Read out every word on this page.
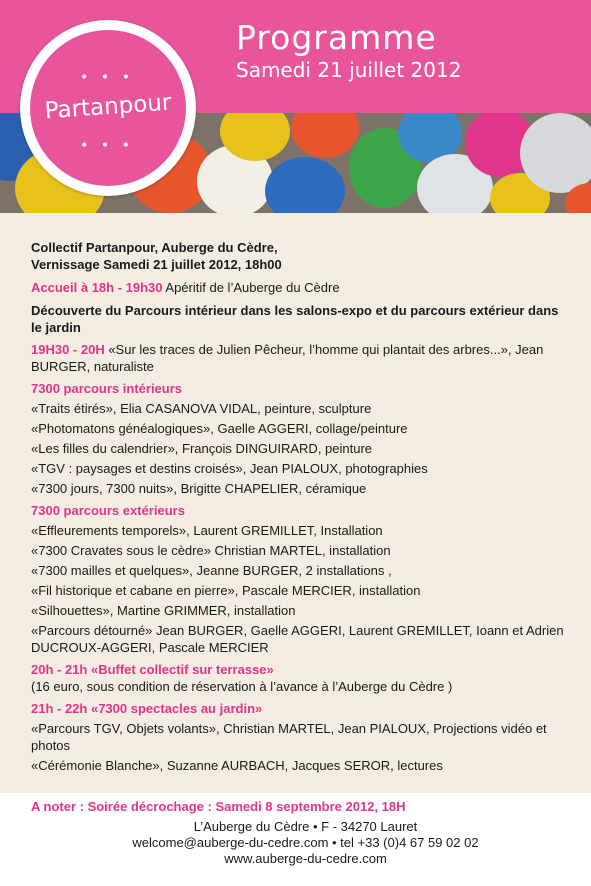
Programme
Samedi 21 juillet 2012
• • •
Partanpour
• • •

Collectif Partanpour, Auberge du Cèdre,

Vernissage Samedi 21 juillet 2012, 18h00

Accueil à 18h - 19h30 Apéritif de l’Auberge du Cèdre

Découverte du Parcours intérieur dans les salons-expo et du parcours extérieur dans le jardin

19H30 - 20H «Sur les traces de Julien Pêcheur, l’homme qui plantait des arbres...», Jean BURGER, naturaliste

7300 parcours intérieurs

«Traits étirés», Elia CASANOVA VIDAL, peinture, sculpture

«Photomatons généalogiques», Gaelle AGGERI, collage/peinture

«Les filles du calendrier», François DINGUIRARD, peinture

«TGV : paysages et destins croisés», Jean PIALOUX, photographies

«7300 jours, 7300 nuits», Brigitte CHAPELIER, céramique

7300 parcours extérieurs

«Effleurements temporels», Laurent GREMILLET, Installation

«7300 Cravates sous le cèdre» Christian MARTEL, installation

«7300 mailles et quelques», Jeanne BURGER, 2 installations ,

«Fil historique et cabane en pierre», Pascale MERCIER, installation

«Silhouettes», Martine GRIMMER, installation

«Parcours détourné» Jean BURGER, Gaelle AGGERI, Laurent GREMILLET, Ioann et Adrien DUCROUX-AGGERI, Pascale MERCIER

20h - 21h «Buffet collectif sur terrasse»

(16 euro, sous condition de réservation à l’avance à l’Auberge du Cèdre )

21h - 22h «7300 spectacles au jardin»

«Parcours TGV, Objets volants», Christian MARTEL, Jean PIALOUX, Projections vidéo et photos

«Cérémonie Blanche», Suzanne AURBACH, Jacques SEROR, lectures

A noter : Soirée décrochage : Samedi 8 septembre 2012, 18H
L’Auberge du Cèdre • F - 34270 Lauret
welcome@auberge-du-cedre.com • tel +33 (0)4 67 59 02 02
www.auberge-du-cedre.com
